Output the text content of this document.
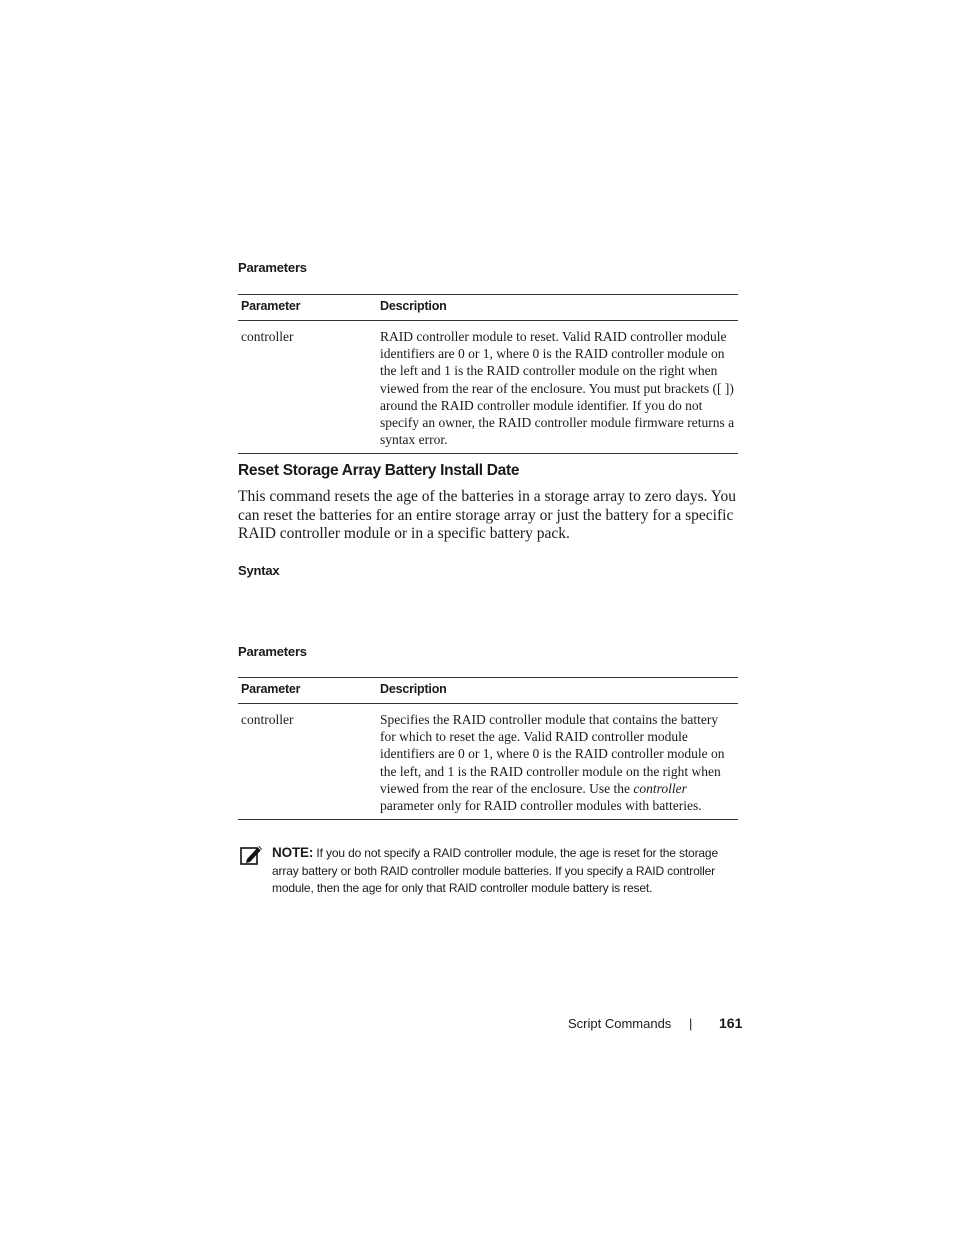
Parameters
Parameter	Description
controller	RAID controller module to reset. Valid RAID controller module identifiers are 0 or 1, where 0 is the RAID controller module on the left and 1 is the RAID controller module on the right when viewed from the rear of the enclosure. You must put brackets ([ ]) around the RAID controller module identifier. If you do not specify an owner, the RAID controller module firmware returns a syntax error.
Reset Storage Array Battery Install Date
This command resets the age of the batteries in a storage array to zero days. You can reset the batteries for an entire storage array or just the battery for a specific RAID controller module or in a specific battery pack.
Syntax
Parameters
Parameter	Description
controller	Specifies the RAID controller module that contains the battery for which to reset the age. Valid RAID controller module identifiers are 0 or 1, where 0 is the RAID controller module on the left, and 1 is the RAID controller module on the right when viewed from the rear of the enclosure. Use the controller parameter only for RAID controller modules with batteries.
NOTE: If you do not specify a RAID controller module, the age is reset for the storage array battery or both RAID controller module batteries. If you specify a RAID controller module, then the age for only that RAID controller module battery is reset.
Script Commands | 161
